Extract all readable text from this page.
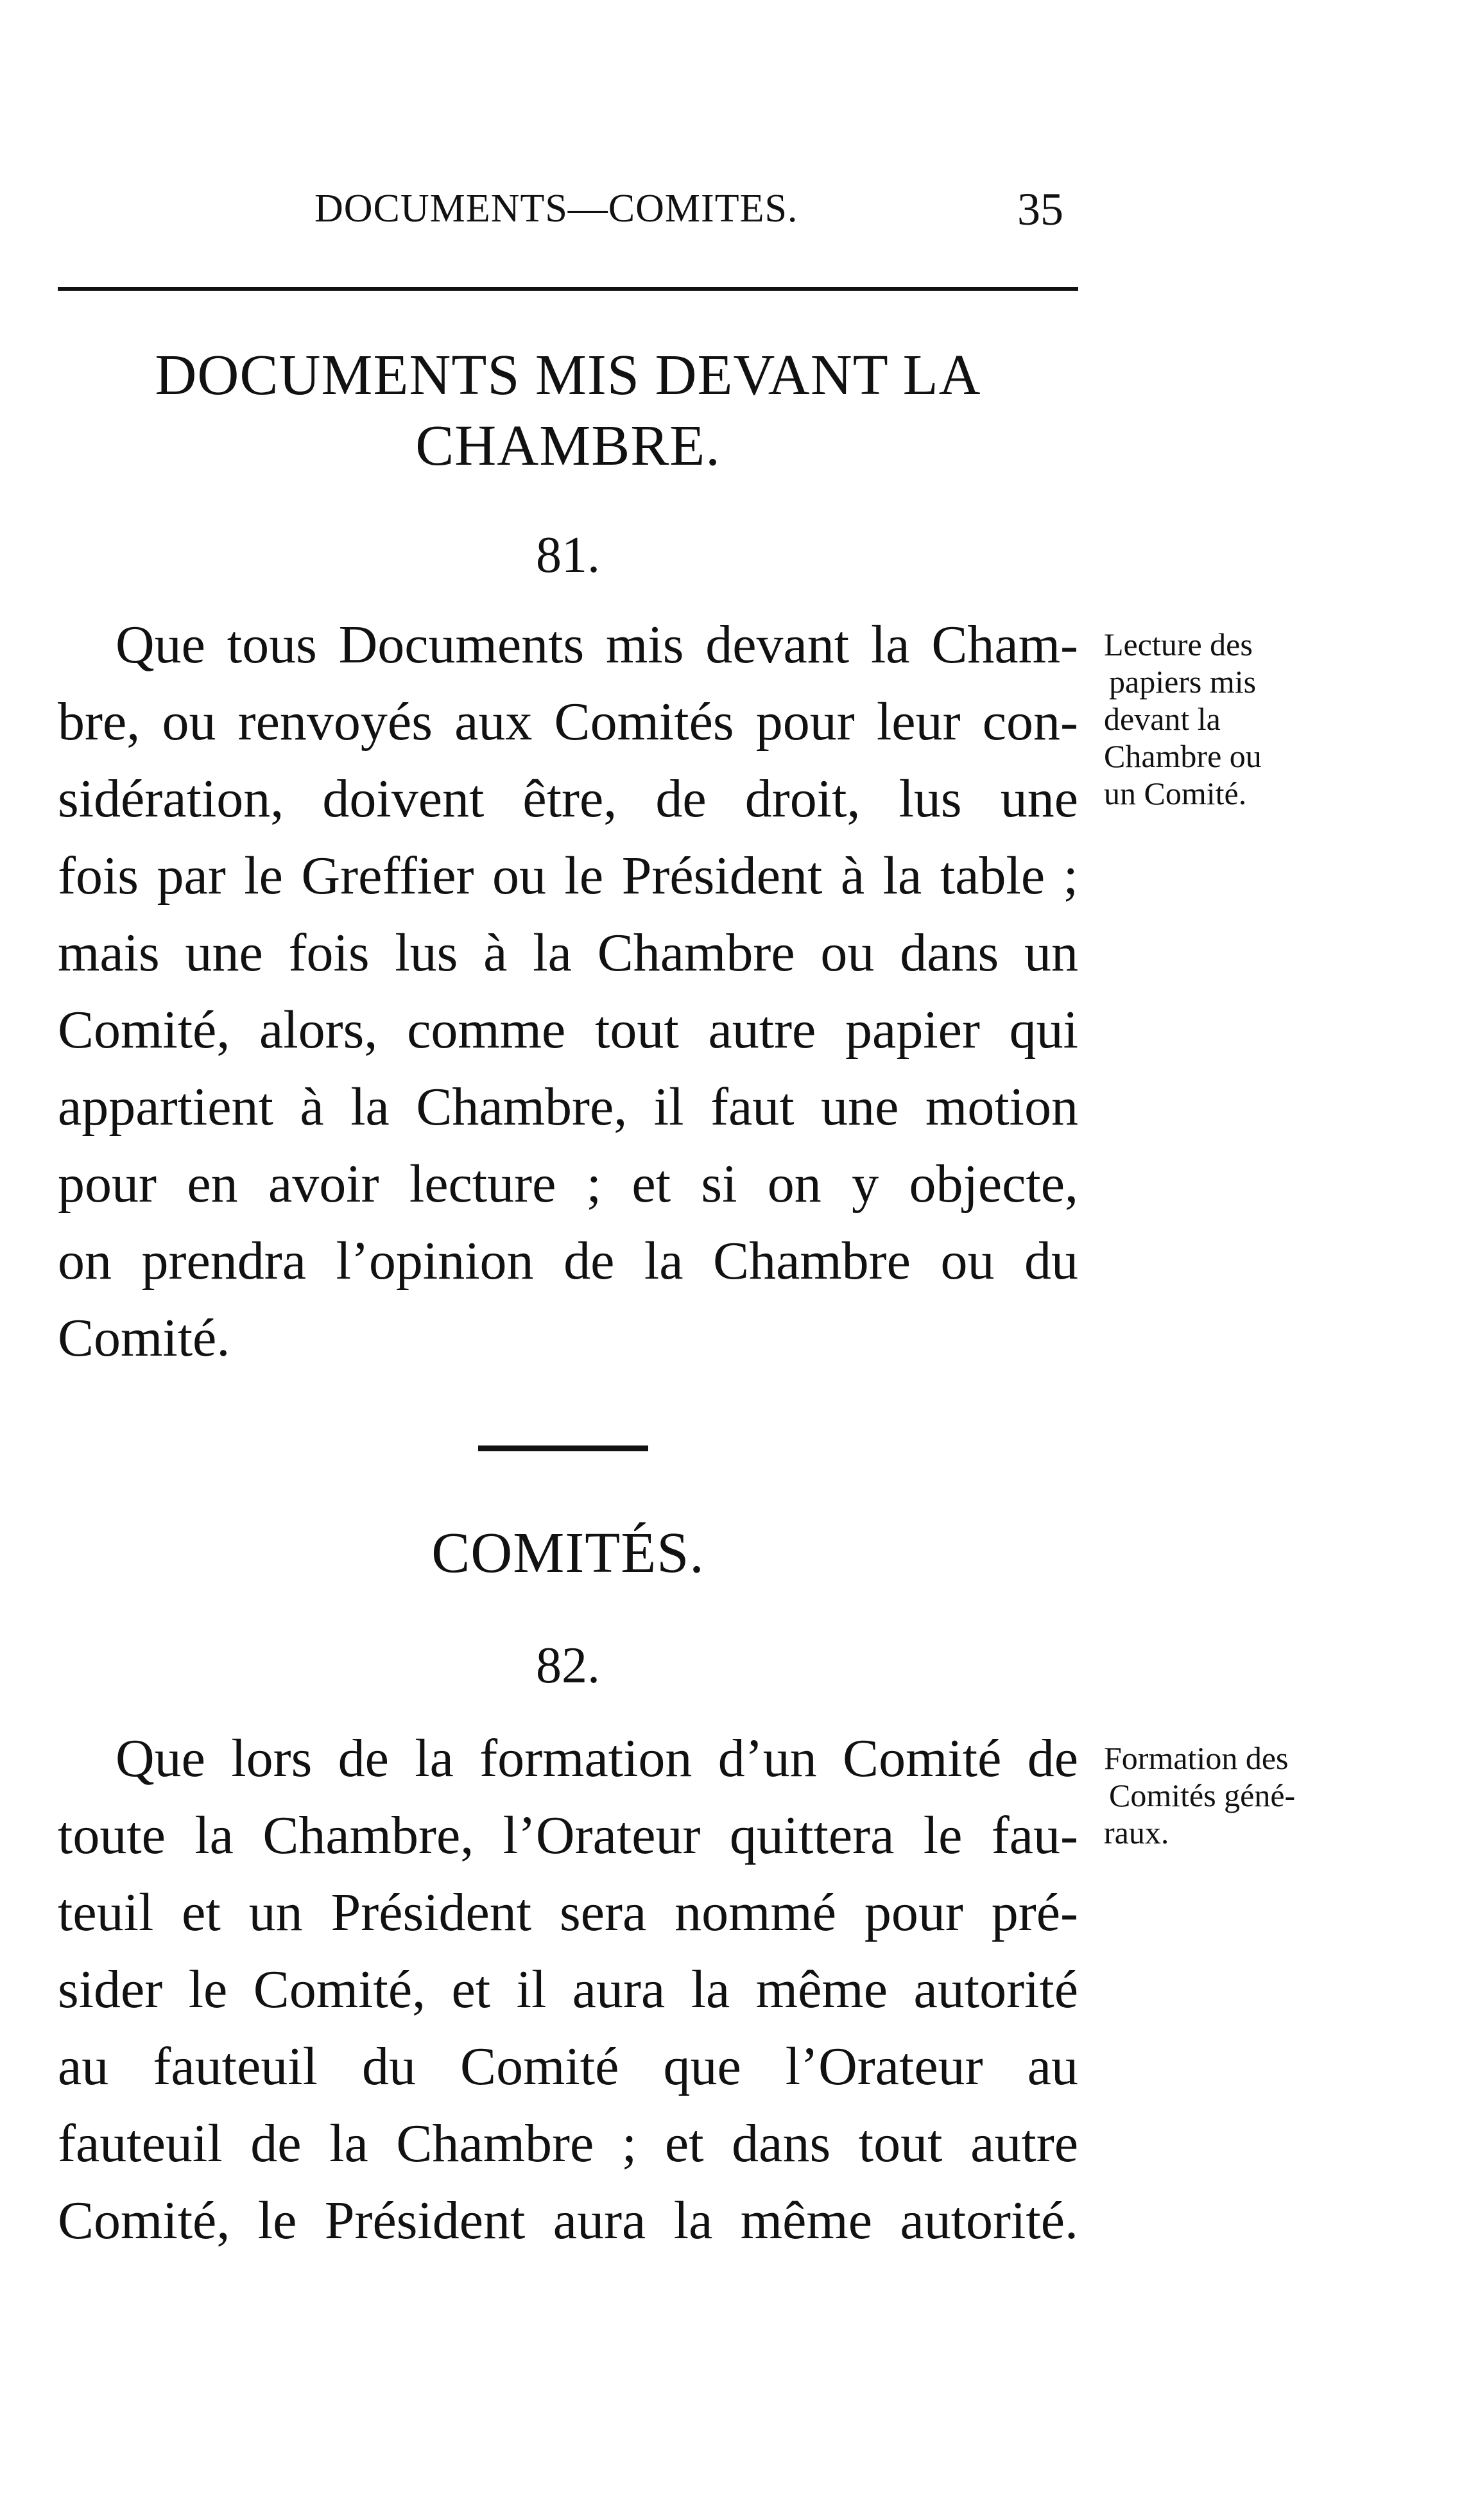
DOCUMENTS—COMITES.	35
DOCUMENTS MIS DEVANT LA
CHAMBRE.
81.
Que tous Documents mis devant la Cham-
bre, ou renvoyés aux Comités pour leur con-
sidération, doivent être, de droit, lus une
fois par le Greffier ou le Président à la table ;
mais une fois lus à la Chambre ou dans un
Comité, alors, comme tout autre papier qui
appartient à la Chambre, il faut une motion
pour en avoir lecture ; et si on y objecte,
on prendra l’opinion de la Chambre ou du
Comité.
Lecture des
papiers mis
devant la
Chambre ou
un Comité.
COMITÉS.
82.
Que lors de la formation d’un Comité de
toute la Chambre, l’Orateur quittera le fau-
teuil et un Président sera nommé pour pré-
sider le Comité, et il aura la même autorité
au fauteuil du Comité que l’Orateur au
fauteuil de la Chambre ; et dans tout autre
Comité, le Président aura la même autorité.
Formation des
Comités géné-
raux.
